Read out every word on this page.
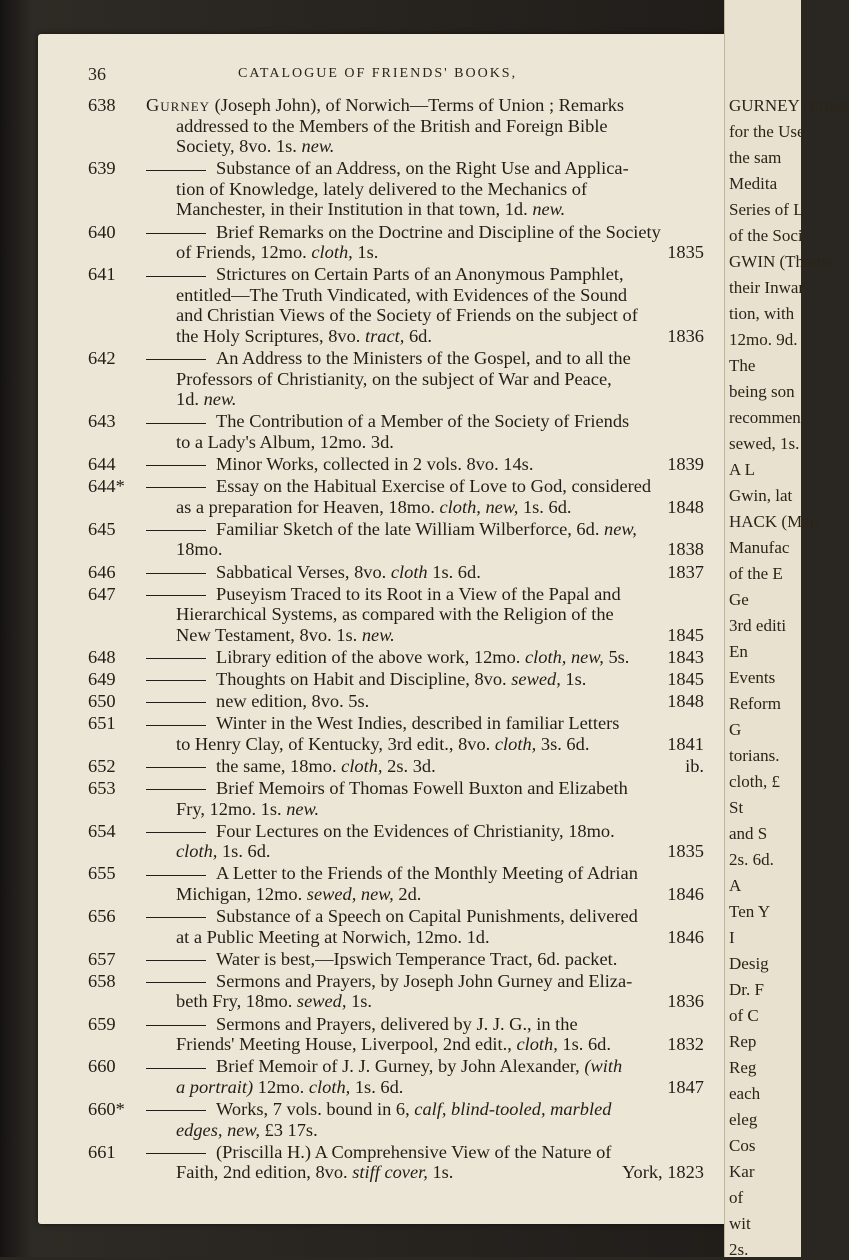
36	CATALOGUE OF FRIENDS' BOOKS,
638	Gurney (Joseph John), of Norwich—Terms of Union ; Remarks
addressed to the Members of the British and Foreign Bible
Society, 8vo. 1s. new.
639	Substance of an Address, on the Right Use and Applica-
tion of Knowledge, lately delivered to the Mechanics of
Manchester, in their Institution in that town, 1d. new.
640	Brief Remarks on the Doctrine and Discipline of the Society
of Friends, 12mo. cloth, 1s.	1835
641	Strictures on Certain Parts of an Anonymous Pamphlet,
entitled—The Truth Vindicated, with Evidences of the Sound
and Christian Views of the Society of Friends on the subject of
the Holy Scriptures, 8vo. tract, 6d.	1836
642	An Address to the Ministers of the Gospel, and to all the
Professors of Christianity, on the subject of War and Peace,
1d. new.
643	The Contribution of a Member of the Society of Friends
to a Lady's Album, 12mo. 3d.
644	Minor Works, collected in 2 vols. 8vo. 14s.	1839
644*	Essay on the Habitual Exercise of Love to God, considered
as a preparation for Heaven, 18mo. cloth, new, 1s. 6d.	1848
645	Familiar Sketch of the late William Wilberforce, 6d. new,
18mo.	1838
646	Sabbatical Verses, 8vo. cloth 1s. 6d.	1837
647	Puseyism Traced to its Root in a View of the Papal and
Hierarchical Systems, as compared with the Religion of the
New Testament, 8vo. 1s. new.	1845
648	Library edition of the above work, 12mo. cloth, new, 5s. 1843
649	Thoughts on Habit and Discipline, 8vo. sewed, 1s.	1845
650	new edition, 8vo. 5s.	1848
651	Winter in the West Indies, described in familiar Letters
to Henry Clay, of Kentucky, 3rd edit., 8vo. cloth, 3s. 6d.	1841
652	the same, 18mo. cloth, 2s. 3d.	ib.
653	Brief Memoirs of Thomas Fowell Buxton and Elizabeth
Fry, 12mo. 1s. new.
654	Four Lectures on the Evidences of Christianity, 18mo.
cloth, 1s. 6d.	1835
655	A Letter to the Friends of the Monthly Meeting of Adrian
Michigan, 12mo. sewed, new, 2d.	1846
656	Substance of a Speech on Capital Punishments, delivered
at a Public Meeting at Norwich, 12mo. 1d.	1846
657	Water is best,—Ipswich Temperance Tract, 6d. packet.
658	Sermons and Prayers, by Joseph John Gurney and Eliza-
beth Fry, 18mo. sewed, 1s.	1836
659	Sermons and Prayers, delivered by J. J. G., in the
Friends' Meeting House, Liverpool, 2nd edit., cloth, 1s. 6d.	1832
660	Brief Memoir of J. J. Gurney, by John Alexander, (with
a portrait) 12mo. cloth, 1s. 6d.	1847
660*	Works, 7 vols. bound in 6, calf, blind-tooled, marbled
edges, new, £3 17s.
661	(Priscilla H.) A Comprehensive View of the Nature of
Faith, 2nd edition, 8vo. stiff cover, 1s.	York, 1823
GURNEY (Prisci
for the Use
the sam
Medita
Series of L
of the Soci
GWIN (Thoma
their Inwar
tion, with
12mo. 9d.
The
being son
recommen
sewed, 1s.
A L
Gwin, lat
HACK (Mari
Manufac
of the E
Ge
3rd editi
En
Events
Reform
G
torians.
cloth, £
St
and S
2s. 6d.
A
Ten Y
I
Desig
Dr. F
of C
Rep
Reg
each
eleg
Cos
Kar
of
wit
2s.
